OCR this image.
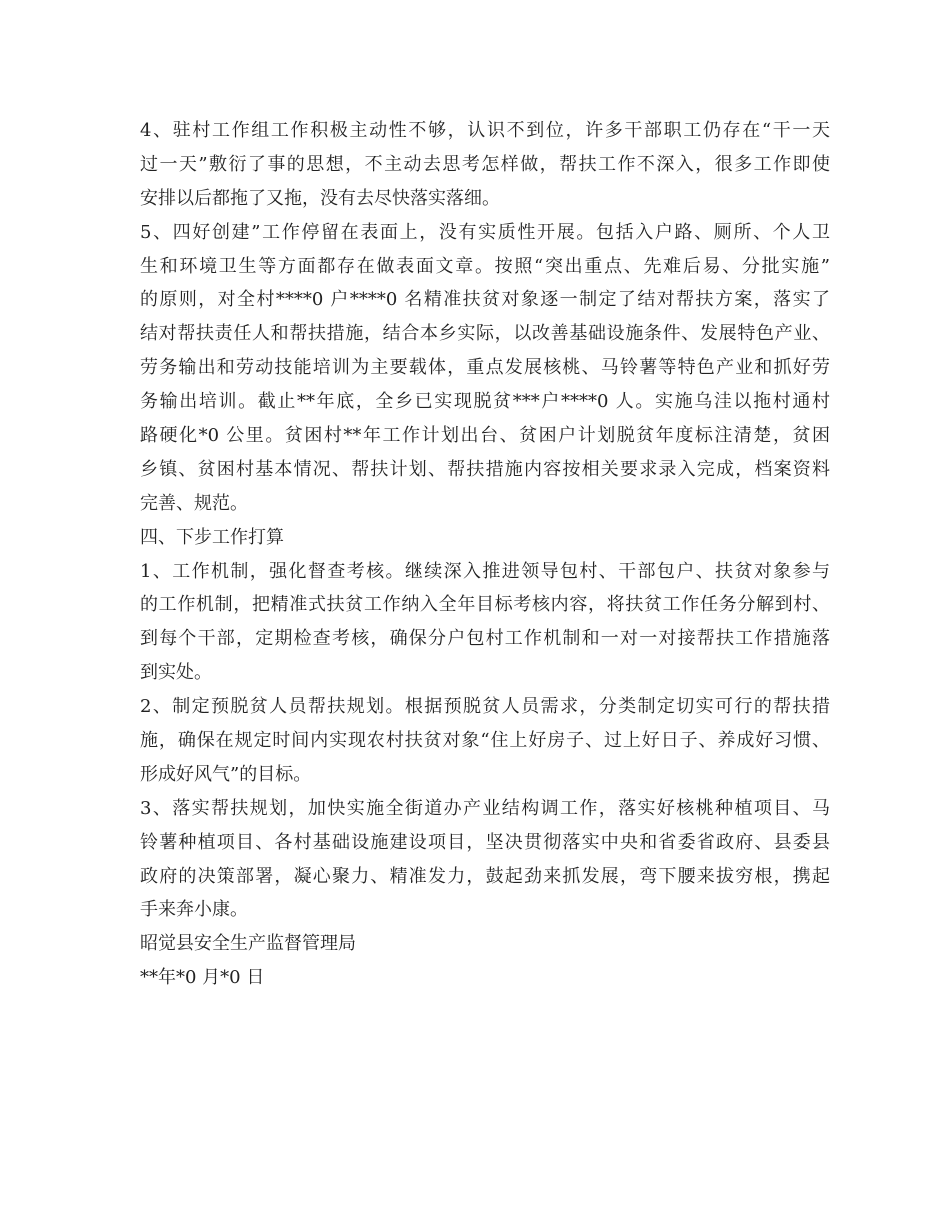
4、驻村工作组工作积极主动性不够，认识不到位，许多干部职工仍存在“干一天
过一天”敷衍了事的思想，不主动去思考怎样做，帮扶工作不深入，很多工作即使
安排以后都拖了又拖，没有去尽快落实落细。
5、四好创建”工作停留在表面上，没有实质性开展。包括入户路、厕所、个人卫
生和环境卫生等方面都存在做表面文章。按照“突出重点、先难后易、分批实施”
的原则，对全村****0 户****0 名精准扶贫对象逐一制定了结对帮扶方案，落实了
结对帮扶责任人和帮扶措施，结合本乡实际，以改善基础设施条件、发展特色产业、
劳务输出和劳动技能培训为主要载体，重点发展核桃、马铃薯等特色产业和抓好劳
务输出培训。截止**年底，全乡已实现脱贫***户****0 人。实施乌洼以拖村通村
路硬化*0 公里。贫困村**年工作计划出台、贫困户计划脱贫年度标注清楚，贫困
乡镇、贫困村基本情况、帮扶计划、帮扶措施内容按相关要求录入完成，档案资料
完善、规范。
四、下步工作打算
1、工作机制，强化督查考核。继续深入推进领导包村、干部包户、扶贫对象参与
的工作机制，把精准式扶贫工作纳入全年目标考核内容，将扶贫工作任务分解到村、
到每个干部，定期检查考核，确保分户包村工作机制和一对一对接帮扶工作措施落
到实处。
2、制定预脱贫人员帮扶规划。根据预脱贫人员需求，分类制定切实可行的帮扶措
施，确保在规定时间内实现农村扶贫对象“住上好房子、过上好日子、养成好习惯、
形成好风气”的目标。
3、落实帮扶规划，加快实施全街道办产业结构调工作，落实好核桃种植项目、马
铃薯种植项目、各村基础设施建设项目，坚决贯彻落实中央和省委省政府、县委县
政府的决策部署，凝心聚力、精准发力，鼓起劲来抓发展，弯下腰来拔穷根，携起
手来奔小康。
昭觉县安全生产监督管理局
**年*0 月*0 日
